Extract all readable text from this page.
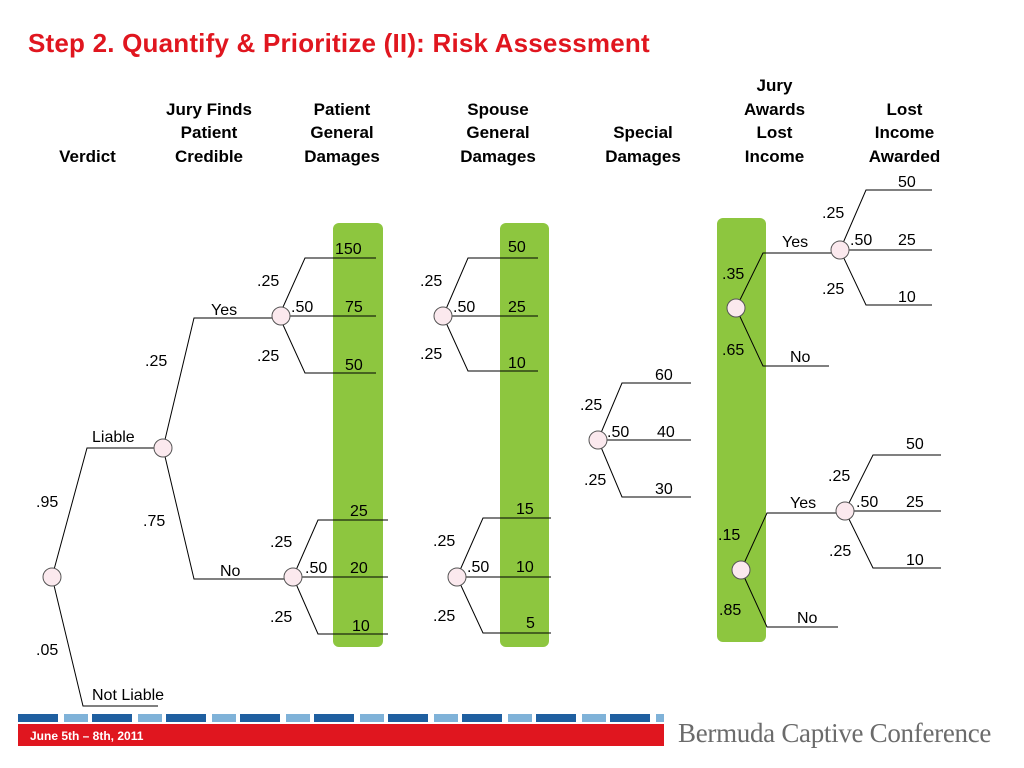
Step 2. Quantify & Prioritize (II): Risk Assessment
Verdict
Jury Finds
Patient
Credible
Patient
General
Damages
Spouse
General
Damages
Special
Damages
Jury
Awards
Lost
Income
Lost
Income
Awarded
Liable
.95
Not Liable
.05
Yes
.25
No
.75
.25
.50
.25
150
75
50
.25
.50
.25
25
20
10
.25
.50
.25
50
25
10
.25
.50
.25
15
10
5
.25
.50
.25
60
40
30
Yes
.35
No
.65
Yes
.15
No
.85
.25
.50
.25
50
25
10
.25
.50
.25
50
25
10
June 5th – 8th, 2011	Bermuda Captive Conference
